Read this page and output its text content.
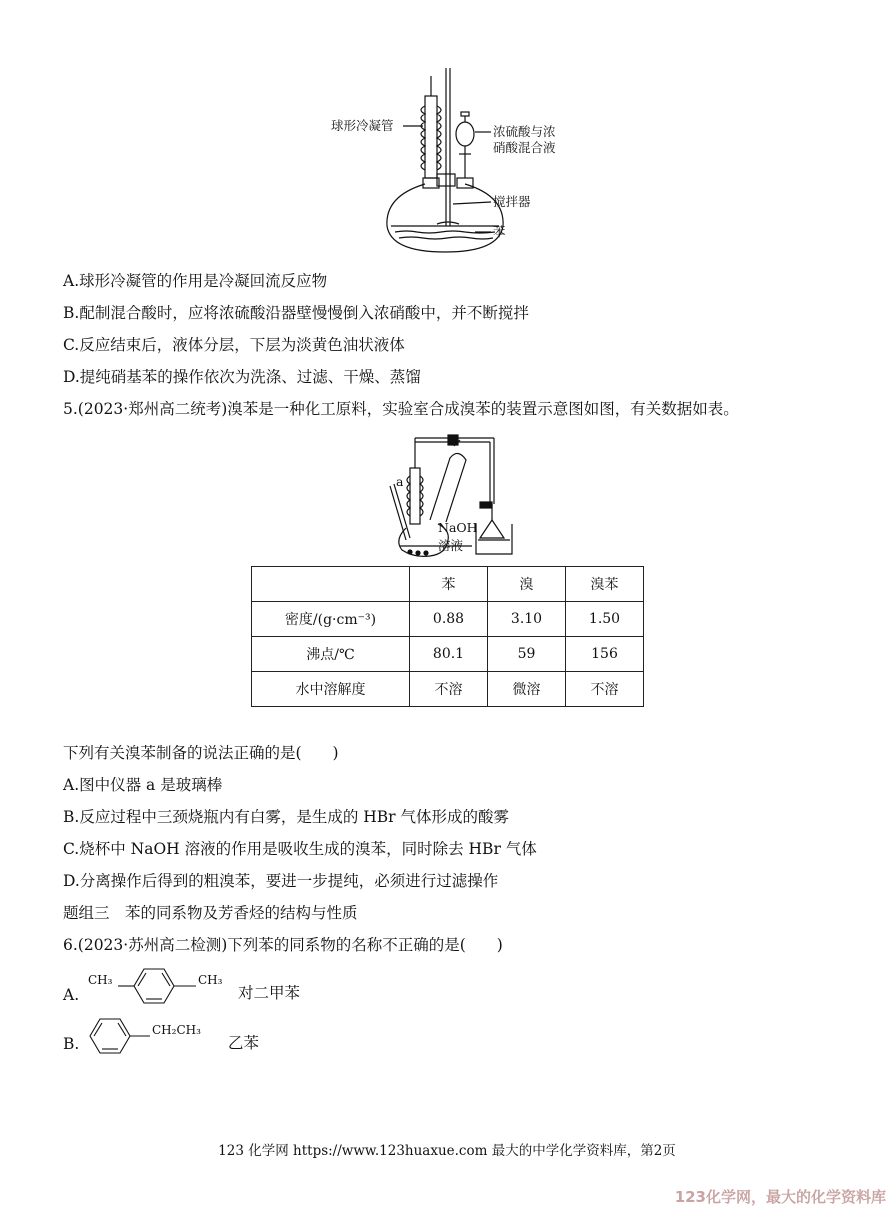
球形冷凝管	浓硫酸与浓
硝酸混合液
搅拌器
苯
A.球形冷凝管的作用是冷凝回流反应物
B.配制混合酸时，应将浓硫酸沿器壁慢慢倒入浓硝酸中，并不断搅拌
C.反应结束后，液体分层，下层为淡黄色油状液体
D.提纯硝基苯的操作依次为洗涤、过滤、干燥、蒸馏
5.(2023·郑州高二统考)溴苯是一种化工原料，实验室合成溴苯的装置示意图如图，有关数据如表。
a
NaOH
溶液
	苯	溴	溴苯
密度/(g·cm⁻³)	0.88	3.10	1.50
沸点/℃	80.1	59	156
水中溶解度	不溶	微溶	不溶
下列有关溴苯制备的说法正确的是(　　)
A.图中仪器 a 是玻璃棒
B.反应过程中三颈烧瓶内有白雾，是生成的 HBr 气体形成的酸雾
C.烧杯中 NaOH 溶液的作用是吸收生成的溴苯，同时除去 HBr 气体
D.分离操作后得到的粗溴苯，要进一步提纯，必须进行过滤操作
题组三　苯的同系物及芳香烃的结构与性质
6.(2023·苏州高二检测)下列苯的同系物的名称不正确的是(　　)
A.
CH₃	CH₃
对二甲苯
B.
CH₂CH₃
乙苯
123 化学网 https://www.123huaxue.com 最大的中学化学资料库，第2页
123化学网，最大的化学资料库
